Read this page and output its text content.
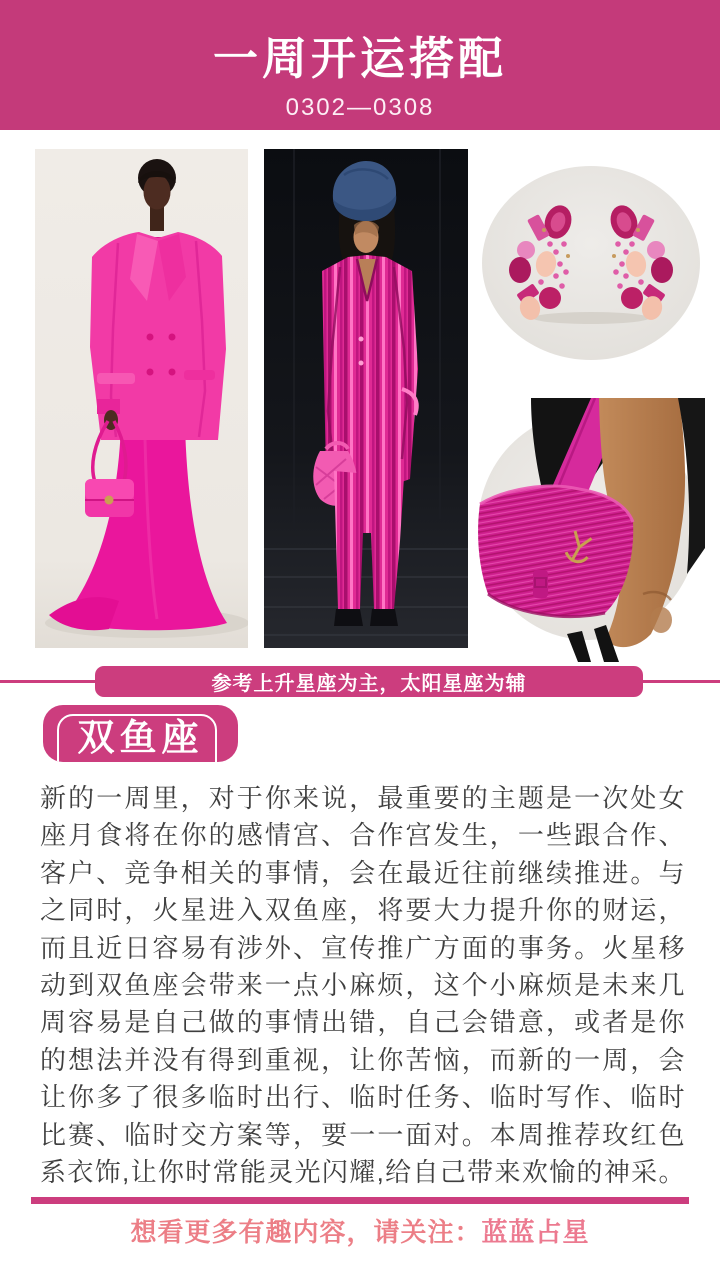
一周开运搭配
0302—0308
参考上升星座为主，太阳星座为辅
双鱼座
新的一周里，对于你来说，最重要的主题是一次处女
座月食将在你的感情宫、合作宫发生，一些跟合作、
客户、竞争相关的事情，会在最近往前继续推进。与
之同时，火星进入双鱼座，将要大力提升你的财运，
而且近日容易有涉外、宣传推广方面的事务。火星移
动到双鱼座会带来一点小麻烦，这个小麻烦是未来几
周容易是自己做的事情出错，自己会错意，或者是你
的想法并没有得到重视，让你苦恼，而新的一周，会
让你多了很多临时出行、临时任务、临时写作、临时
比赛、临时交方案等，要一一面对。本周推荐玫红色
系衣饰,让你时常能灵光闪耀,给自己带来欢愉的神采。
想看更多有趣内容，请关注：蓝蓝占星
